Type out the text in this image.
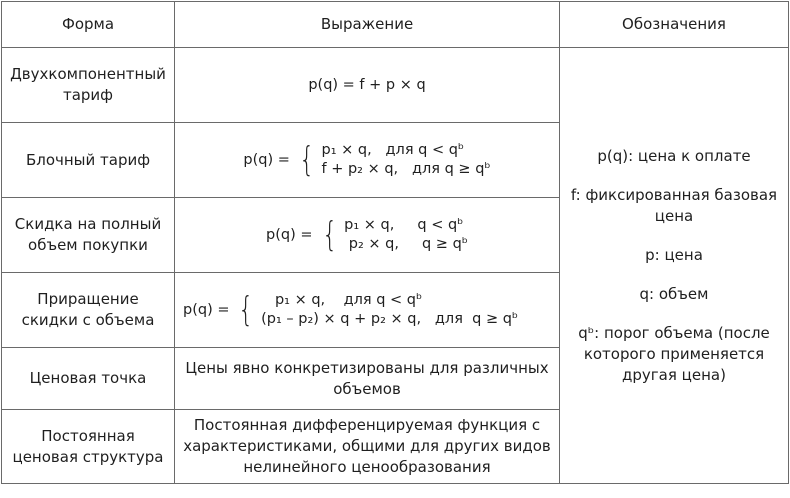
Форма	Выражение	Обозначения
Двухкомпонентный тариф	p(q) = f + p × q	p(q): цена к оплате

f: фиксированная базовая цена

p: цена

q: объем

qᵇ: порог объема (после которого применяется другая цена)

Блочный тариф	p(q) = { p₁ × q,   для q < qᵇ
f + p₂ × q,   для q ≥ qᵇ	

Скидка на полный объем покупки	p(q) = { p₁ × q,     q < qᵇ
p₂ × q,     q ≥ qᵇ	

Приращение скидки с объема	p(q) = { p₁ × q,    для q < qᵇ
(p₁ – p₂) × q + p₂ × q,   для  q ≥ qᵇ	

Ценовая точка	Цены явно конкретизированы для различных объемов	
Постоянная ценовая структура	Постоянная дифференцируемая функция с характеристиками, общими для других видов нелинейного ценообразования	
